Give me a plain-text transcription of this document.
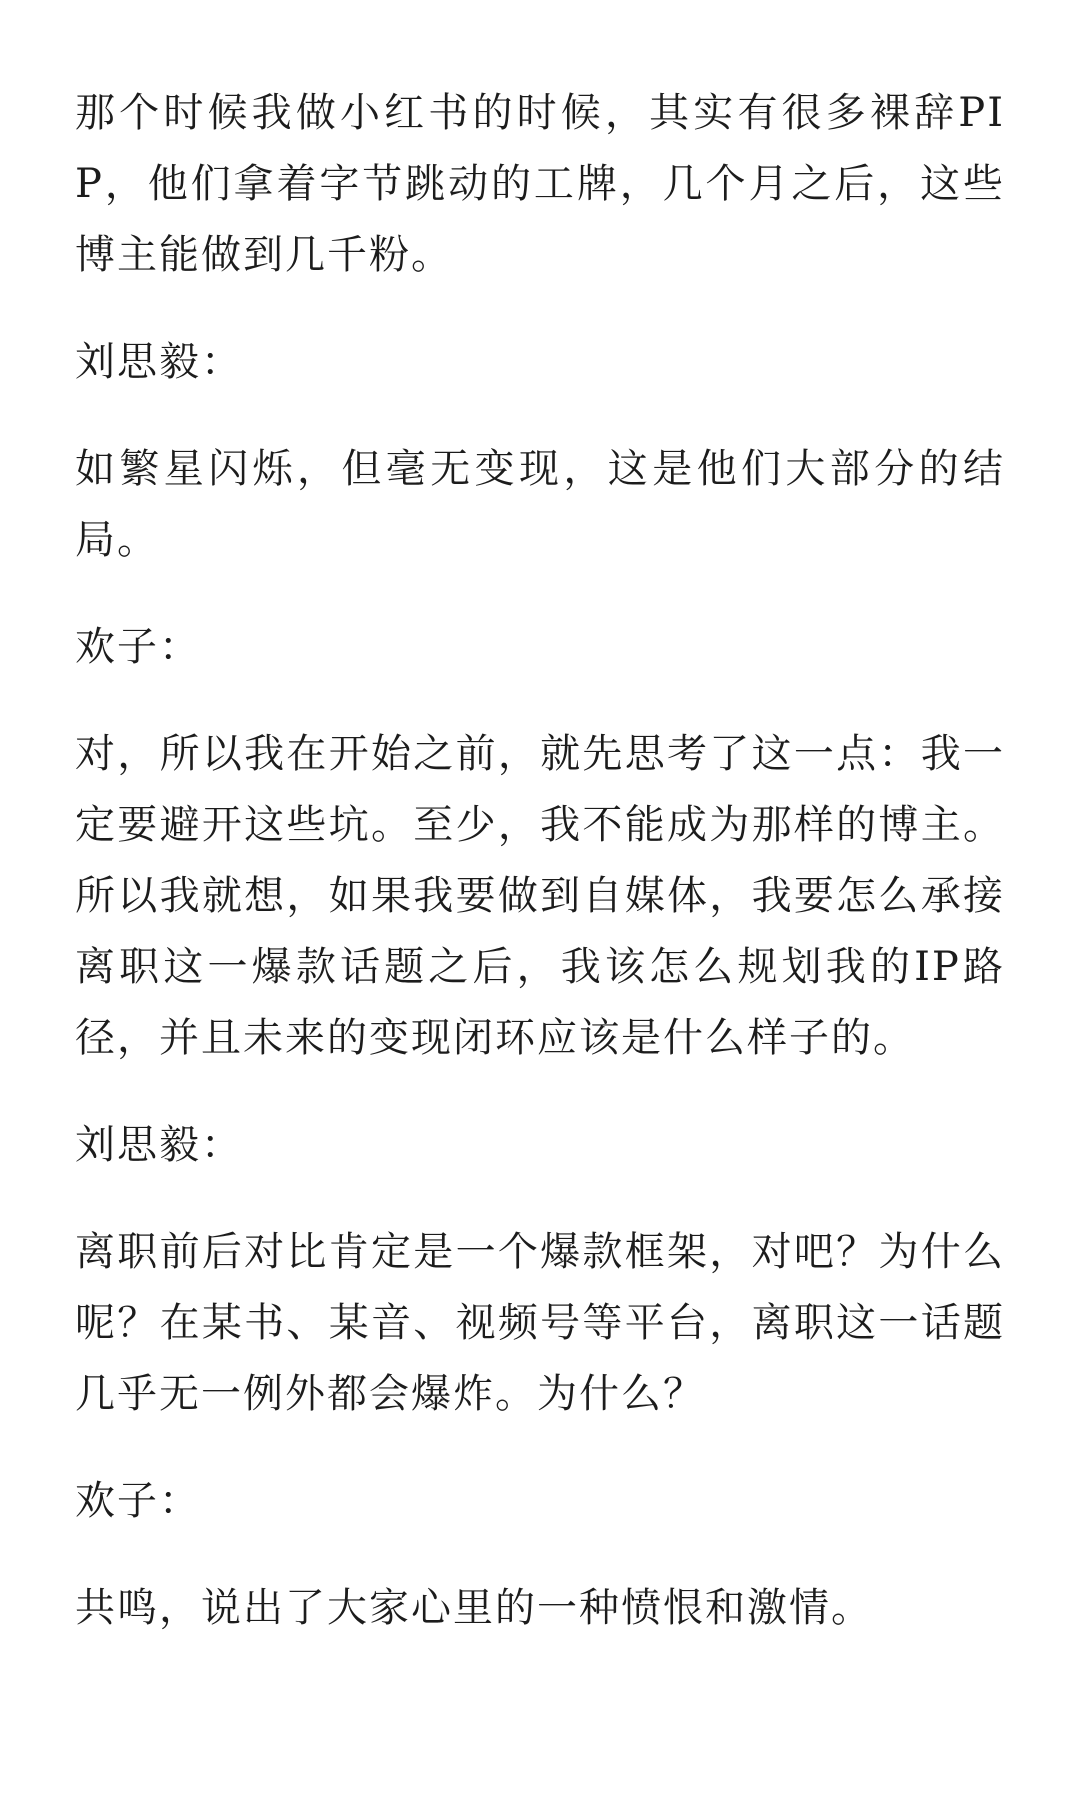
那个时候我做小红书的时候，其实有很多裸辞PIP，他们拿着字节跳动的工牌，几个月之后，这些博主能做到几千粉。

刘思毅：

如繁星闪烁，但毫无变现，这是他们大部分的结局。

欢子：

对，所以我在开始之前，就先思考了这一点：我一定要避开这些坑。至少，我不能成为那样的博主。所以我就想，如果我要做到自媒体，我要怎么承接离职这一爆款话题之后，我该怎么规划我的IP路径，并且未来的变现闭环应该是什么样子的。

刘思毅：

离职前后对比肯定是一个爆款框架，对吧？为什么呢？在某书、某音、视频号等平台，离职这一话题几乎无一例外都会爆炸。为什么？

欢子：

共鸣，说出了大家心里的一种愤恨和激情。
